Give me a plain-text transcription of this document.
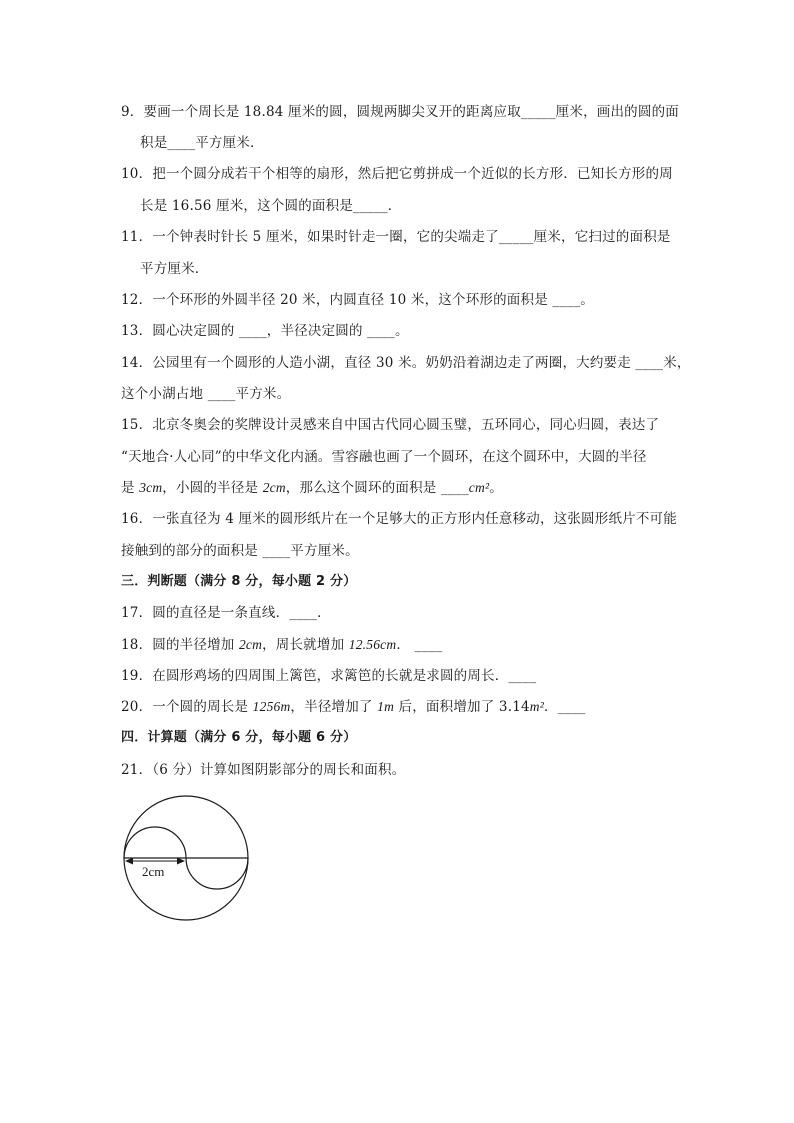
9．要画一个周长是 18.84 厘米的圆，圆规两脚尖叉开的距离应取_____厘米，画出的圆的面
积是____平方厘米．
10．把一个圆分成若干个相等的扇形，然后把它剪拼成一个近似的长方形．已知长方形的周
长是 16.56 厘米，这个圆的面积是_____．
11．一个钟表时针长 5 厘米，如果时针走一圈，它的尖端走了_____厘米，它扫过的面积是
平方厘米．
12．一个环形的外圆半径 20 米，内圆直径 10 米，这个环形的面积是 ____。
13．圆心决定圆的 ____，半径决定圆的 ____。
14．公园里有一个圆形的人造小湖，直径 30 米。奶奶沿着湖边走了两圈，大约要走 ____米，
这个小湖占地 ____平方米。
15．北京冬奥会的奖牌设计灵感来自中国古代同心圆玉璧，五环同心，同心归圆，表达了
“天地合·人心同”的中华文化内涵。雪容融也画了一个圆环，在这个圆环中，大圆的半径
是 3cm，小圆的半径是 2cm，那么这个圆环的面积是 ____cm²。
16．一张直径为 4 厘米的圆形纸片在一个足够大的正方形内任意移动，这张圆形纸片不可能
接触到的部分的面积是 ____平方厘米。
三．判断题（满分 8 分，每小题 2 分）
17．圆的直径是一条直线．____．
18．圆的半径增加 2cm，周长就增加 12.56cm． ____
19．在圆形鸡场的四周围上篱笆，求篱笆的长就是求圆的周长．____
20．一个圆的周长是 1256m，半径增加了 1m 后，面积增加了 3.14m²．____
四．计算题（满分 6 分，每小题 6 分）
21．（6 分）计算如图阴影部分的周长和面积。
2cm
